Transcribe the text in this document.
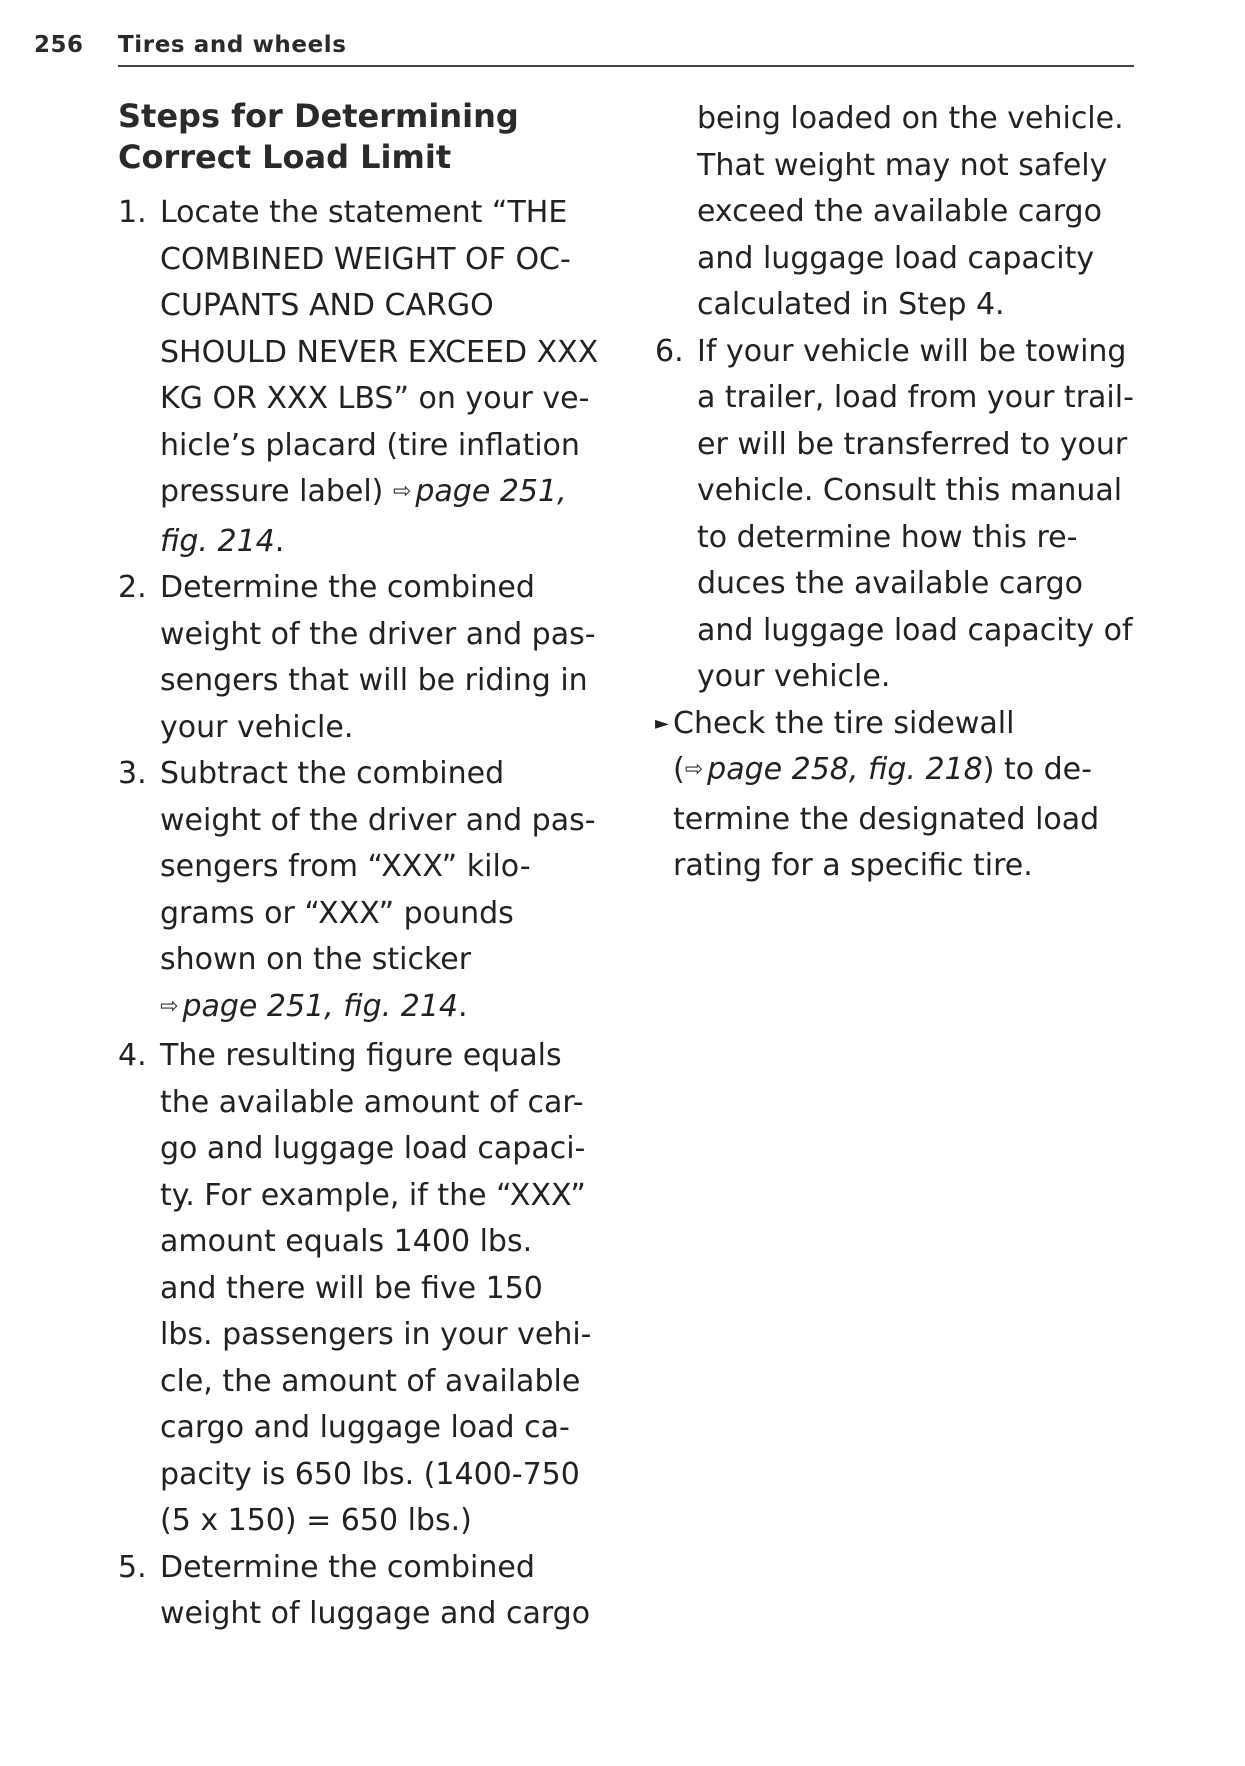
256 Tires and wheels
Steps for Determining
Correct Load Limit
1. Locate the statement “THE
COMBINED WEIGHT OF OC-
CUPANTS AND CARGO
SHOULD NEVER EXCEED XXX
KG OR XXX LBS” on your ve-
hicle’s placard (tire inflation
pressure label) ⇨ page 251,
fig. 214.
2. Determine the combined
weight of the driver and pas-
sengers that will be riding in
your vehicle.
3. Subtract the combined
weight of the driver and pas-
sengers from “XXX” kilo-
grams or “XXX” pounds
shown on the sticker
⇨ page 251, fig. 214.
4. The resulting figure equals
the available amount of car-
go and luggage load capaci-
ty. For example, if the “XXX”
amount equals 1400 lbs.
and there will be five 150
lbs. passengers in your vehi-
cle, the amount of available
cargo and luggage load ca-
pacity is 650 lbs. (1400-750
(5 x 150) = 650 lbs.)
5. Determine the combined
weight of luggage and cargo
being loaded on the vehicle.
That weight may not safely
exceed the available cargo
and luggage load capacity
calculated in Step 4.
6. If your vehicle will be towing
a trailer, load from your trail-
er will be transferred to your
vehicle. Consult this manual
to determine how this re-
duces the available cargo
and luggage load capacity of
your vehicle.
► Check the tire sidewall
(⇨ page 258, fig. 218) to de-
termine the designated load
rating for a specific tire.
